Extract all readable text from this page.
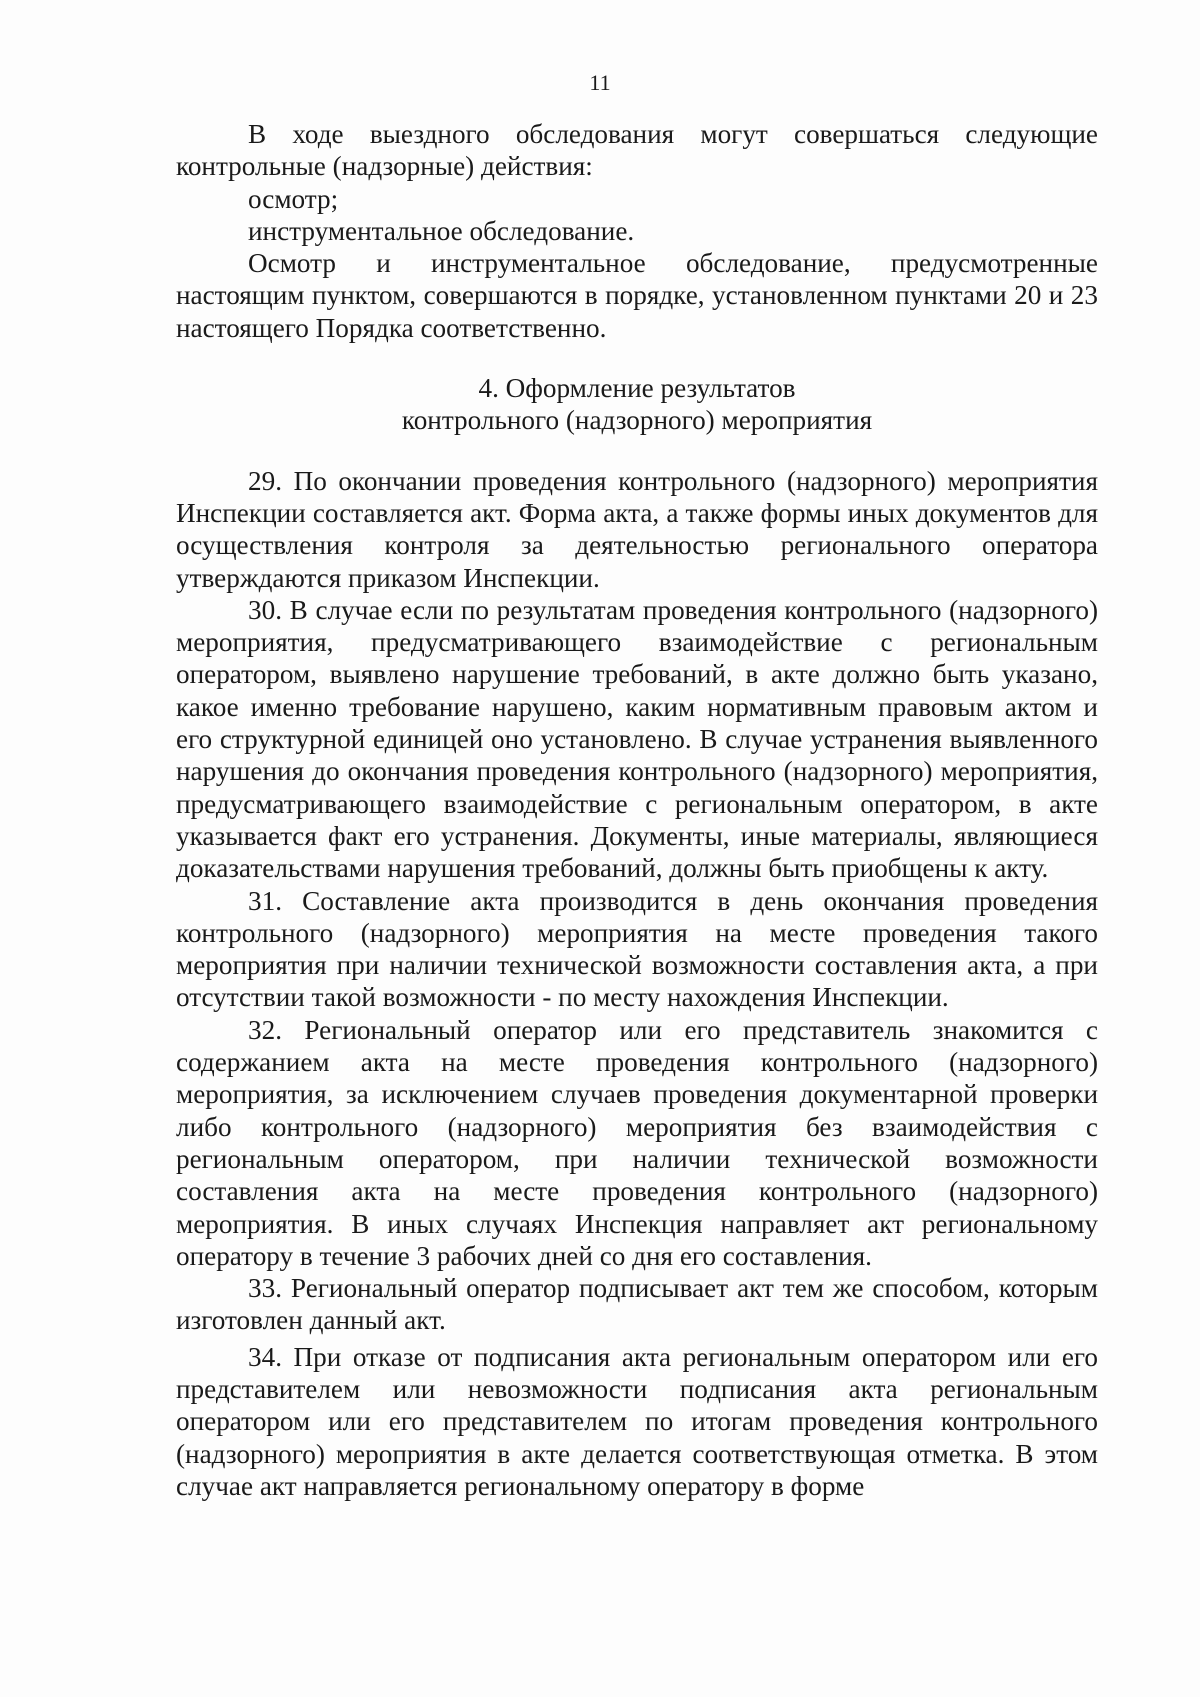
11

В ходе выездного обследования могут совершаться следующие контрольные (надзорные) действия:

осмотр;

инструментальное обследование.

Осмотр и инструментальное обследование, предусмотренные настоящим пунктом, совершаются в порядке, установленном пунктами 20 и 23 настоящего Порядка соответственно.

4. Оформление результатов
контрольного (надзорного) мероприятия

29. По окончании проведения контрольного (надзорного) мероприятия Инспекции составляется акт. Форма акта, а также формы иных документов для осуществления контроля за деятельностью регионального оператора утверждаются приказом Инспекции.

30. В случае если по результатам проведения контрольного (надзорного) мероприятия, предусматривающего взаимодействие с региональным оператором, выявлено нарушение требований, в акте должно быть указано, какое именно требование нарушено, каким нормативным правовым актом и его структурной единицей оно установлено. В случае устранения выявленного нарушения до окончания проведения контрольного (надзорного) мероприятия, предусматривающего взаимодействие с региональным оператором, в акте указывается факт его устранения. Документы, иные материалы, являющиеся доказательствами нарушения требований, должны быть приобщены к акту.

31. Составление акта производится в день окончания проведения контрольного (надзорного) мероприятия на месте проведения такого мероприятия при наличии технической возможности составления акта, а при отсутствии такой возможности - по месту нахождения Инспекции.

32. Региональный оператор или его представитель знакомится с содержанием акта на месте проведения контрольного (надзорного) мероприятия, за исключением случаев проведения документарной проверки либо контрольного (надзорного) мероприятия без взаимодействия с региональным оператором, при наличии технической возможности составления акта на месте проведения контрольного (надзорного) мероприятия. В иных случаях Инспекция направляет акт региональному оператору в течение 3 рабочих дней со дня его составления.

33. Региональный оператор подписывает акт тем же способом, которым изготовлен данный акт.

34. При отказе от подписания акта региональным оператором или его представителем или невозможности подписания акта региональным оператором или его представителем по итогам проведения контрольного (надзорного) мероприятия в акте делается соответствующая отметка. В этом случае акт направляется региональному оператору в форме
